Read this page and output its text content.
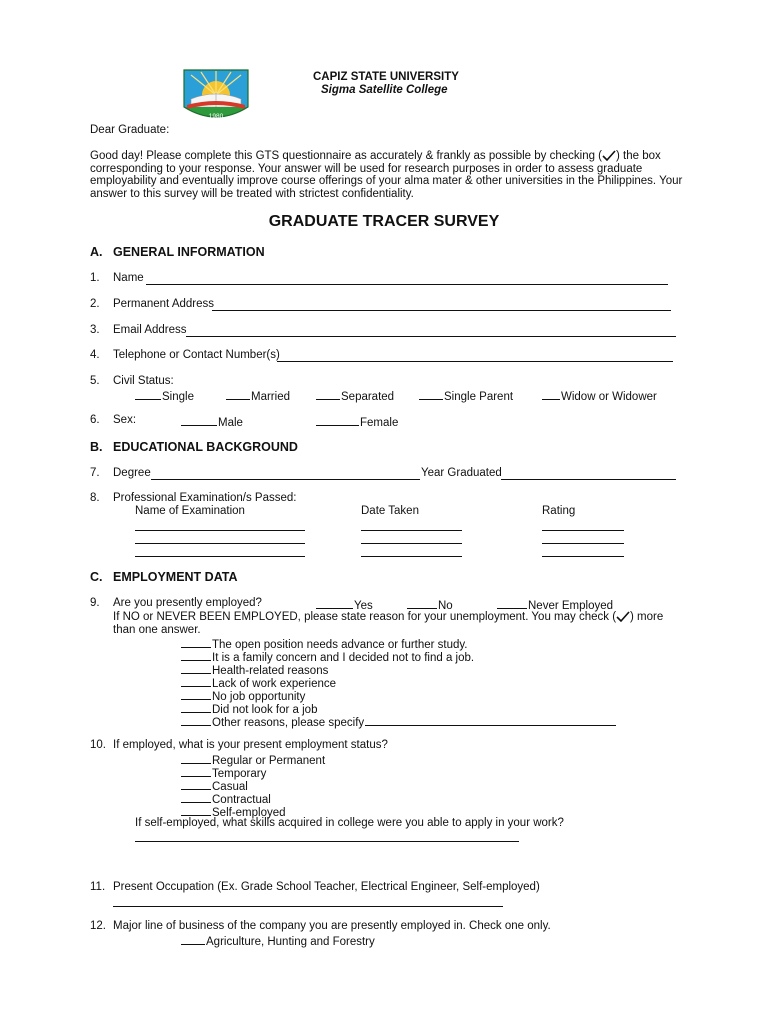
1980
CAPIZ STATE UNIVERSITY
Sigma Satellite College
Dear Graduate:
Good day! Please complete this GTS questionnaire as accurately & frankly as possible by checking ( ) the box corresponding to your response. Your answer will be used for research purposes in order to assess graduate employability and eventually improve course offerings of your alma mater & other universities in the Philippines. Your answer to this survey will be treated with strictest confidentiality.
GRADUATE TRACER SURVEY
A. GENERAL INFORMATION
1. Name
2. Permanent Address
3. Email Address
4. Telephone or Contact Number(s)
5. Civil Status:
Single	Married	Separated	Single Parent	Widow or Widower
6. Sex:	Male	Female
B. EDUCATIONAL BACKGROUND
7. Degree	Year Graduated
8. Professional Examination/s Passed:
Name of Examination	Date Taken	Rating
C. EMPLOYMENT DATA
9. Are you presently employed?	Yes	No	Never Employed
If NO or NEVER BEEN EMPLOYED, please state reason for your unemployment. You may check ( ) more than one answer.
The open position needs advance or further study.
It is a family concern and I decided not to find a job.
Health-related reasons
Lack of work experience
No job opportunity
Did not look for a job
Other reasons, please specify
10. If employed, what is your present employment status?
Regular or Permanent
Temporary
Casual
Contractual
Self-employed
If self-employed, what skills acquired in college were you able to apply in your work?
11. Present Occupation (Ex. Grade School Teacher, Electrical Engineer, Self-employed)
12. Major line of business of the company you are presently employed in. Check one only.
Agriculture, Hunting and Forestry
